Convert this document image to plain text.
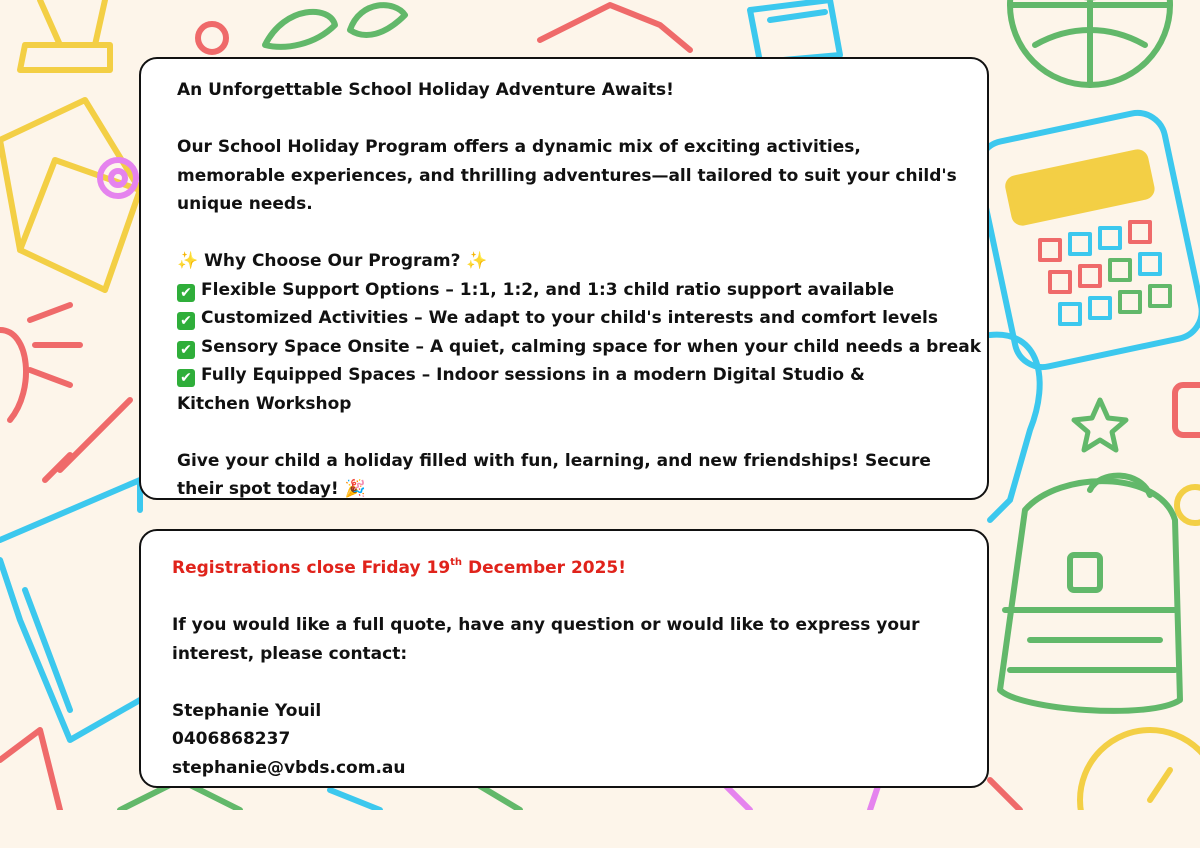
An Unforgettable School Holiday Adventure Awaits!
Our School Holiday Program offers a dynamic mix of exciting activities, memorable experiences, and thrilling adventures—all tailored to suit your child's unique needs.
✨ Why Choose Our Program? ✨
✔ Flexible Support Options – 1:1, 1:2, and 1:3 child ratio support available
✔ Customized Activities – We adapt to your child's interests and comfort levels
✔ Sensory Space Onsite – A quiet, calming space for when your child needs a break
✔ Fully Equipped Spaces – Indoor sessions in a modern Digital Studio & Kitchen Workshop
Give your child a holiday filled with fun, learning, and new friendships! Secure their spot today! 🎉
Registrations close Friday 19th December 2025!
If you would like a full quote, have any question or would like to express your interest, please contact:
Stephanie Youil
0406868237
stephanie@vbds.com.au
